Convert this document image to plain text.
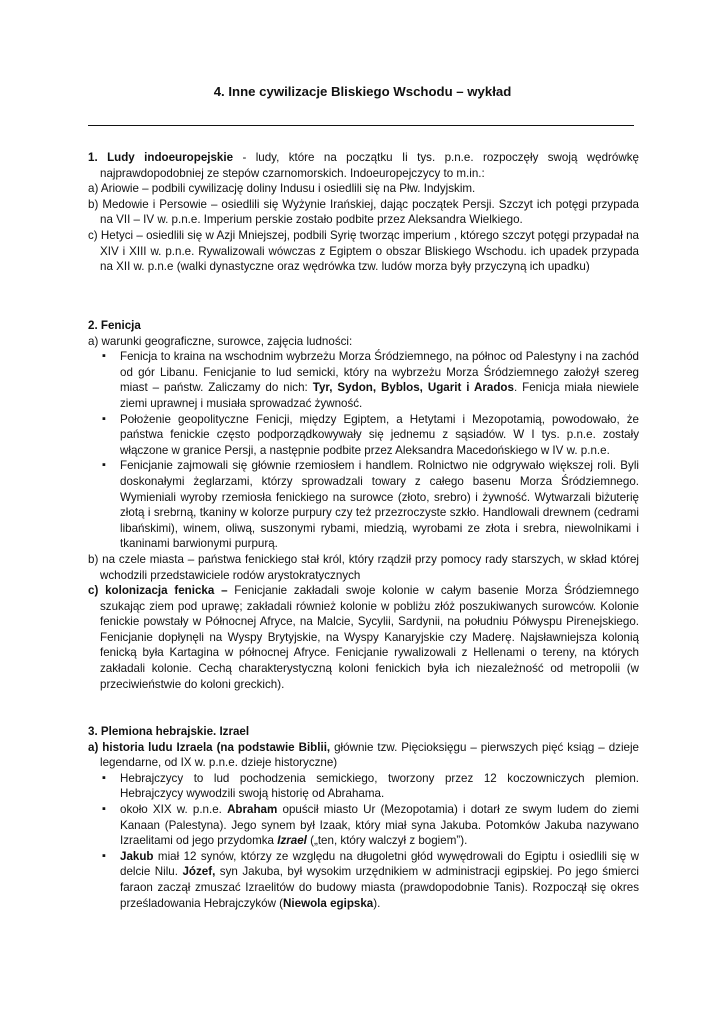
4. Inne cywilizacje Bliskiego Wschodu – wykład

1. Ludy indoeuropejskie - ludy, które na początku Ii tys. p.n.e. rozpoczęły swoją wędrówkę najprawdopodobniej ze stepów czarnomorskich. Indoeuropejczycy to m.in.:

a) Ariowie – podbili cywilizację doliny Indusu i osiedlili się na Płw. Indyjskim.

b) Medowie i Persowie – osiedlili się Wyżynie Irańskiej, dając początek Persji. Szczyt ich potęgi przypada na VII – IV w. p.n.e. Imperium perskie zostało podbite przez Aleksandra Wielkiego.

c) Hetyci – osiedlili się w Azji Mniejszej, podbili Syrię tworząc imperium , którego szczyt potęgi przypadał na XIV i XIII w. p.n.e. Rywalizowali wówczas z Egiptem o obszar Bliskiego Wschodu. ich upadek przypada na XII w. p.n.e (walki dynastyczne oraz wędrówka tzw. ludów morza były przyczyną ich upadku)

2. Fenicja

a) warunki geograficzne, surowce, zajęcia ludności:

▪ Fenicja to kraina na wschodnim wybrzeżu Morza Śródziemnego, na północ od Palestyny i na zachód od gór Libanu. Fenicjanie to lud semicki, który na wybrzeżu Morza Śródziemnego założył szereg miast – państw. Zaliczamy do nich: Tyr, Sydon, Byblos, Ugarit i Arados. Fenicja miała niewiele ziemi uprawnej i musiała sprowadzać żywność.

▪ Położenie geopolityczne Fenicji, między Egiptem, a Hetytami i Mezopotamią, powodowało, że państwa fenickie często podporządkowywały się jednemu z sąsiadów. W I tys. p.n.e. zostały włączone w granice Persji, a następnie podbite przez Aleksandra Macedońskiego w IV w. p.n.e.

▪ Fenicjanie zajmowali się głównie rzemiosłem i handlem. Rolnictwo nie odgrywało większej roli. Byli doskonałymi żeglarzami, którzy sprowadzali towary z całego basenu Morza Śródziemnego. Wymieniali wyroby rzemiosła fenickiego na surowce (złoto, srebro) i żywność. Wytwarzali biżuterię złotą i srebrną, tkaniny w kolorze purpury czy też przezroczyste szkło. Handlowali drewnem (cedrami libańskimi), winem, oliwą, suszonymi rybami, miedzią, wyrobami ze złota i srebra, niewolnikami i tkaninami barwionymi purpurą.

b) na czele miasta – państwa fenickiego stał król, który rządził przy pomocy rady starszych, w skład której wchodzili przedstawiciele rodów arystokratycznych

c) kolonizacja fenicka – Fenicjanie zakładali swoje kolonie w całym basenie Morza Śródziemnego szukając ziem pod uprawę; zakładali również kolonie w pobliżu złóż poszukiwanych surowców. Kolonie fenickie powstały w Północnej Afryce, na Malcie, Sycylii, Sardynii, na południu Półwyspu Pirenejskiego. Fenicjanie dopłynęli na Wyspy Brytyjskie, na Wyspy Kanaryjskie czy Maderę. Najsławniejsza kolonią fenicką była Kartagina w północnej Afryce. Fenicjanie rywalizowali z Hellenami o tereny, na których zakładali kolonie. Cechą charakterystyczną koloni fenickich była ich niezależność od metropolii (w przeciwieństwie do koloni greckich).

3. Plemiona hebrajskie. Izrael

a) historia ludu Izraela (na podstawie Biblii, głównie tzw. Pięcioksięgu – pierwszych pięć ksiąg – dzieje legendarne, od IX w. p.n.e. dzieje historyczne)

▪ Hebrajczycy to lud pochodzenia semickiego, tworzony przez 12 koczowniczych plemion. Hebrajczycy wywodzili swoją historię od Abrahama.

▪ około XIX w. p.n.e. Abraham opuścił miasto Ur (Mezopotamia) i dotarł ze swym ludem do ziemi Kanaan (Palestyna). Jego synem był Izaak, który miał syna Jakuba. Potomków Jakuba nazywano Izraelitami od jego przydomka Izrael („ten, który walczył z bogiem”).

▪ Jakub miał 12 synów, którzy ze względu na długoletni głód wywędrowali do Egiptu i osiedlili się w delcie Nilu. Józef, syn Jakuba, był wysokim urzędnikiem w administracji egipskiej. Po jego śmierci faraon zaczął zmuszać Izraelitów do budowy miasta (prawdopodobnie Tanis). Rozpoczął się okres prześladowania Hebrajczyków (Niewola egipska).
